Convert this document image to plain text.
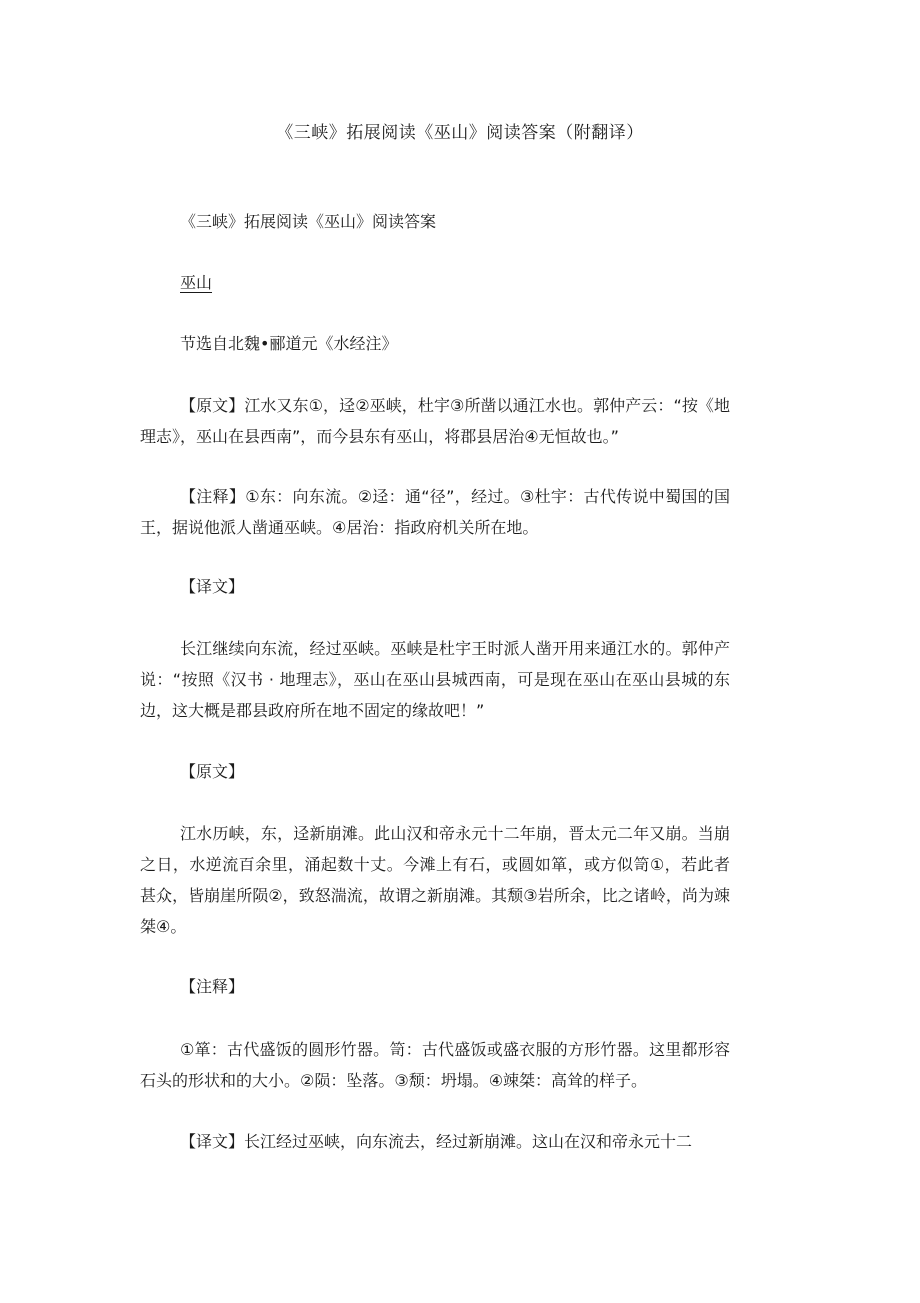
《三峡》拓展阅读《巫山》阅读答案（附翻译）
《三峡》拓展阅读《巫山》阅读答案
巫山
节选自北魏•郦道元《水经注》
【原文】江水又东①，迳②巫峡，杜宇③所凿以通江水也。郭仲产云：“按《地理志》，巫山在县西南”，而今县东有巫山，将郡县居治④无恒故也。”
【注释】①东：向东流。②迳：通“径”，经过。③杜宇：古代传说中蜀国的国王，据说他派人凿通巫峡。④居治：指政府机关所在地。
【译文】
长江继续向东流，经过巫峡。巫峡是杜宇王时派人凿开用来通江水的。郭仲产说：“按照《汉书 · 地理志》，巫山在巫山县城西南，可是现在巫山在巫山县城的东边，这大概是郡县政府所在地不固定的缘故吧！”
【原文】
江水历峡，东，迳新崩滩。此山汉和帝永元十二年崩，晋太元二年又崩。当崩之日，水逆流百余里，涌起数十丈。今滩上有石，或圆如箪，或方似笥①，若此者甚众，皆崩崖所陨②，致怒湍流，故谓之新崩滩。其颓③岩所余，比之诸岭，尚为竦桀④。
【注释】
①箪：古代盛饭的圆形竹器。笥：古代盛饭或盛衣服的方形竹器。这里都形容石头的形状和的大小。②陨：坠落。③颓：坍塌。④竦桀：高耸的样子。
【译文】长江经过巫峡，向东流去，经过新崩滩。这山在汉和帝永元十二
